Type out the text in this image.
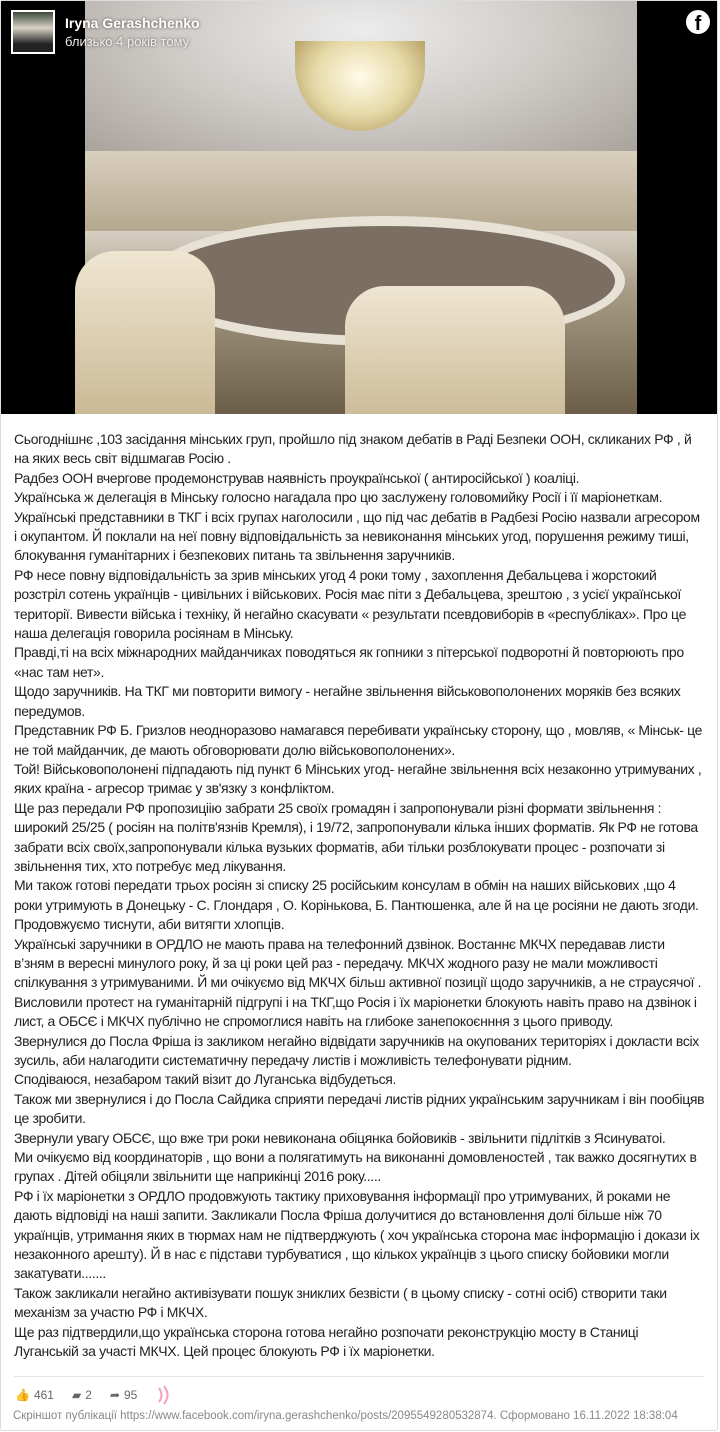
Iryna Gerashchenko
близько 4 років тому
f

Сьогоднішнє ,103 засідання мінських груп, пройшло під знаком дебатів в Раді Безпеки ООН, скликаних РФ , й на яких весь світ відшмагав Росію .

Радбез ООН вчергове продемонстрував наявність проукраїнської ( антиросійської ) коаліці.

Українська ж делегація в Мінську голосно нагадала про цю заслужену головомийку Росії і її маріонеткам.

Українські представники в ТКГ і всіх групах наголосили , що під час дебатів в Радбезі Росію назвали агресором і окупантом. Й поклали на неї повну відповідальність за невиконання мінських угод, порушення режиму тиші, блокування гуманітарних і безпекових питань та звільнення заручників.

РФ несе повну відповідальність за зрив мінських угод 4 роки тому , захоплення Дебальцева і жорстокий розстріл сотень українців - цивільних і військових. Росія має піти з Дебальцева, зрештою , з усієї української території. Вивести війська і техніку, й негайно скасувати « результати псевдовиборів в «республіках». Про це наша делегація говорила росіянам в Мінську.

Правді,ті на всіх міжнародних майданчиках поводяться як гопники з пітерської подворотні й повторюють про «нас там нет».

Щодо заручників. На ТКГ ми повторити вимогу - негайне звільнення військовополонених моряків без всяких передумов.

Представник РФ Б. Гризлов неодноразово намагався перебивати українську сторону, що , мовляв, « Мінськ- це не той майданчик, де мають обговорювати долю військовополонених».

Той! Військовополонені підпадають під пункт 6 Мінських угод- негайне звільнення всіх незаконно утримуваних , яких країна - агресор тримає у зв'язку з конфліктом.

Ще раз передали РФ пропозиціію забрати 25 своїх громадян і запропонували різні формати звільнення : широкий 25/25 ( росіян на політв'язнів Кремля), і 19/72, запропонували кілька інших форматів. Як РФ не готова забрати всіх своїх,запропонували кілька вузьких форматів, аби тільки розблокувати процес - розпочати зі звільнення тих, хто потребує мед лікування.

Ми також готові передати трьох росіян зі списку 25 російським консулам в обмін на наших військових ,що 4 роки утримують в Донецьку - С. Глондаря , О. Корінькова, Б. Пантюшенка, але й на це росіяни не дають згоди. Продовжуємо тиснути, аби витягти хлопців.

Українські заручники в ОРДЛО не мають права на телефонний дзвінок. Востаннє МКЧХ передавав листи в’зням в вересні минулого року, й за ці роки цей раз - передачу. МКЧХ жодного разу не мали можливості спілкування з утримуваними. Й ми очікуємо від МКЧХ більш активної позиції щодо заручників, а не страусячої .

Висловили протест на гуманітарній підгрупі і на ТКГ,що Росія і їх маріонетки блокують навіть право на дзвінок і лист, а ОБСЄ і МКЧХ публічно не спромоглися навіть на глибоке занепокоєнння з цього приводу.

Звернулися до Посла Фріша із закликом негайно відвідати заручників на окупованих територіях і докласти всіх зусиль, аби налагодити систематичну передачу листів і можливість телефонувати рідним.

Сподіваюся, незабаром такий візит до Луганська відбудеться.

Також ми звернулися і до Посла Сайдика сприяти передачі листів рідних українським заручникам і він пообіцяв це зробити.

Звернули увагу ОБСЄ, що вже три роки невиконана обіцянка бойовиків - звільнити підлітків з Ясинуватоі.

Ми очікуємо від координаторів , що вони а полягатимуть на виконанні домовленостей , так важко досягнутих в групах . Дітей обіцяли звільнити ще наприкінці 2016 року.....

РФ і їх маріонетки з ОРДЛО продовжують тактику приховування інформації про утримуваних, й роками не дають відповіді на наші запити. Закликали Посла Фріша долучитися до встановлення долі більше ніж 70 українців, утримання яких в тюрмах нам не підтверджують ( хоч українська сторона має інформацію і докази іх незаконного арешту). Й в нас є підстави турбуватися , що кількох українців з цього списку бойовики могли закатувати.......

Також закликали негайно активізувати пошук зниклих безвісти ( в цьому списку - сотні осіб) створити таки механізм за участю РФ і МКЧХ.

Ще раз підтвердили,що українська сторона готова негайно розпочати реконструкцію мосту в Станиці Луганській за участі МКЧХ. Цей процес блокують РФ і їх маріонетки.

👍 461 ▰ 2 ➦ 95
Скріншот публікації https://www.facebook.com/iryna.gerashchenko/posts/2095549280532874. Сформовано 16.11.2022 18:38:04
